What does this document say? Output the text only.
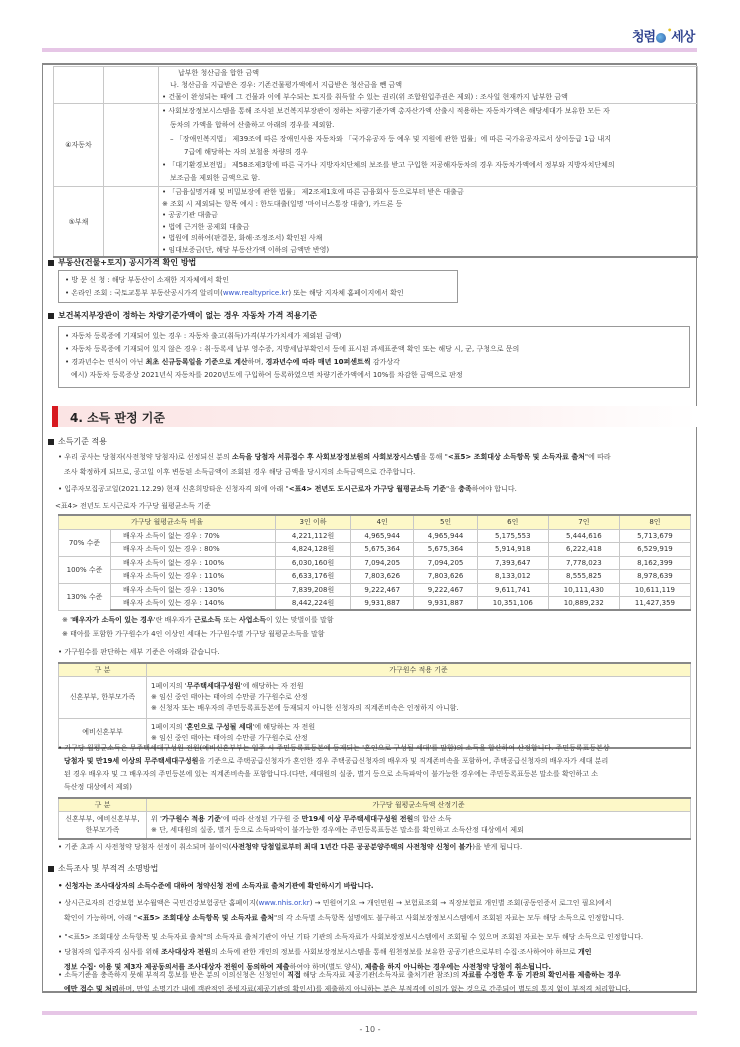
청렴 •세상

		납부한 청산금을 합한 금액
나. 청산금을 지급받은 경우: 기존건물평가액에서 지급받은 청산금을 뺀 금액
• 건물이 완성되는 때에 그 건물과 이에 부수되는 토지를 취득할 수 있는 권리(위 조합원입주권은 제외) : 조사일 현재까지 납부한 금액

④자동차		
• 사회보장정보시스템을 통해 조사된 보건복지부장관이 정하는 차량기준가액 총자산가액 산출시 적용하는 자동차가액은 해당세대가 보유한 모든 자
동차의 가액을 합하여 산출하고 아래의 경우를 제외함.
– 「장애인복지법」 제39조에 따른 장애인사용 자동차와 「국가유공자 등 예우 및 지원에 관한 법률」에 따른 국가유공자로서 상이등급 1급 내지
7급에 해당하는 자의 보철용 차량의 경우
• 「대기환경보전법」 제58조제3항에 따른 국가나 지방자치단체의 보조를 받고 구입한 저공해자동차의 경우 자동차가액에서 정부와 지방자치단체의
보조금을 제외한 금액으로 함.

⑤부채		
• 「금융실명거래 및 비밀보장에 관한 법률」 제2조제1호에 따른 금융회사 등으로부터 받은 대출금
※ 조회 시 제외되는 항목 예시 : 한도대출(일명 '마이너스통장 대출'), 카드론 등
• 공공기관 대출금
• 법에 근거한 공제회 대출금
• 법원에 의하여(판결문, 화해·조정조서) 확인된 사채
• 임대보증금(단, 해당 부동산가액 이하의 금액만 반영)
부동산(건물+토지) 공시가격 확인 방법
• 방 문 신 청 : 해당 부동산이 소재한 지자체에서 확인
• 온라인 조회 : 국토교통부 부동산공시가격 알리미(www.realtyprice.kr) 또는 해당 지자체 홈페이지에서 확인
보건복지부장관이 정하는 차량기준가액이 없는 경우 자동차 가격 적용기준
• 자동차 등록증에 기재되어 있는 경우 : 자동차 출고(취득)가격(부가가치세가 제외된 금액)
• 자동차 등록증에 기재되어 있지 않은 경우 : 취·등록세 납부 영수증, 지방세납부확인서 등에 표시된 과세표준액 확인 또는 해당 시, 군, 구청으로 문의
• 경과년수는 연식이 아닌 최초 신규등록일을 기준으로 계산하며, 경과년수에 따라 매년 10퍼센트씩 감가상각
예시) 자동차 등록증상 2021년식 자동차를 2020년도에 구입하여 등록하였으면 차량기준가액에서 10%를 차감한 금액으로 판정
4. 소득 판정 기준
소득기준 적용
• 우리 공사는 당첨자(사전청약 당첨자)로 선정되신 분의 소득을 당첨자 서류접수 후 사회보장정보원의 사회보장시스템을 통해 "<표5> 조회대상 소득항목 및 소득자료 출처"에 따라
조사 확정하게 되므로, 공고일 이후 변동된 소득금액이 조회된 경우 해당 금액을 당시지의 소득금액으로 간주합니다.
• 입주자모집공고일(2021.12.29) 현재 신혼희망타운 신청자격 외에 아래 "<표4> 전년도 도시근로자 가구당 월평균소득 기준"을 충족하여야 합니다.
<표4> 전년도 도시근로자 가구당 월평균소득 기준
가구당 월평균소득 비율		3인 이하	4인	5인	6인	7인	8인
70% 수준	배우자 소득이 없는 경우 : 70%	4,221,112원	4,965,944	4,965,944	5,175,553	5,444,616	5,713,679
	배우자 소득이 있는 경우 : 80%	4,824,128원	5,675,364	5,675,364	5,914,918	6,222,418	6,529,919
100% 수준	배우자 소득이 없는 경우 : 100%	6,030,160원	7,094,205	7,094,205	7,393,647	7,778,023	8,162,399
	배우자 소득이 있는 경우 : 110%	6,633,176원	7,803,626	7,803,626	8,133,012	8,555,825	8,978,639
130% 수준	배우자 소득이 없는 경우 : 130%	7,839,208원	9,222,467	9,222,467	9,611,741	10,111,430	10,611,119
	배우자 소득이 있는 경우 : 140%	8,442,224원	9,931,887	9,931,887	10,351,106	10,889,232	11,427,359
※ '배우자가 소득이 있는 경우'란 배우자가 근로소득 또는 사업소득이 있는 맞벌이를 말함
※ 태아를 포함한 가구원수가 4인 이상인 세대는 가구원수별 가구당 월평균소득을 말함
• 가구원수를 판단하는 세부 기준은 아래와 같습니다.
구 분	가구원수 적용 기준
신혼부부, 한부모가족	1페이지의 '무주택세대구성원'에 해당하는 자 전원
※ 임신 중인 태아는 태아의 수만큼 가구원수로 산정
※ 신청자 또는 배우자의 주민등록표등본에 등재되지 아니한 신청자의 직계존비속은 인정하지 아니함.

예비신혼부부	1페이지의 '혼인으로 구성될 세대'에 해당하는 자 전원
※ 임신 중인 태아는 태아의 수만큼 가구원수로 산정
• 가구당 월평균소득은 무주택세대구성원 전원(예비신혼부부는 입주 시 주민등록표등본에 등재되는 '혼인으로 구성될 세대'를 말함)의 소득을 합산하여 산정합니다. 주민등록표등본상
당첨자 및 만19세 이상의 무주택세대구성원을 기준으로 주택공급신청자가 혼인한 경우 주택공급신청자의 배우자 및 직계존비속을 포함하여, 주택공급신청자의 배우자가 세대 분리
된 경우 배우자 및 그 배우자의 주민등본에 있는 직계존비속을 포함합니다.(다만, 세대원의 실종, 별거 등으로 소득파악이 불가능한 경우에는 주민등록표등본 말소를 확인하고 소
득산정 대상에서 제외)
구 분	가구당 월평균소득액 산정기준

신혼부부, 예비신혼부부,
한부모가족

위 '가구원수 적용 기준'에 따라 산정된 가구원 중 만19세 이상 무주택세대구성원 전원의 합산 소득
※ 단, 세대원의 실종, 별거 등으로 소득파악이 불가능한 경우에는 주민등록표등본 말소를 확인하고 소득산정 대상에서 제외
• 기준 초과 시 사전청약 당첨자 선정이 취소되며 불이익(사전청약 당첨일로부터 최대 1년간 다른 공공분양주택의 사전청약 신청이 불가)을 받게 됩니다.
소득조사 및 부적격 소명방법
• 신청자는 조사대상자의 소득수준에 대하여 청약신청 전에 소득자료 출처기관에 확인하시기 바랍니다.
• 상시근로자의 건강보험 보수월액은 국민건강보험공단 홈페이지(www.nhis.or.kr) → 민원여기요 → 개인민원 → 보험료조회 → 직장보험료 개인별 조회(공동인증서 로그인 필요)에서
확인이 가능하며, 아래 "<표5> 조회대상 소득항목 및 소득자료 출처"의 각 소득별 소득항목 설명에도 불구하고 사회보장정보시스템에서 조회된 자료는 모두 해당 소득으로 인정합니다.
• "<표5> 조회대상 소득항목 및 소득자료 출처"의 소득자료 출처기관이 아닌 기타 기관의 소득자료가 사회보장정보시스템에서 조회될 수 있으며 조회된 자료는 모두 해당 소득으로 인정합니다.
• 당첨자의 입주자격 심사를 위해 조사대상자 전원의 소득에 관한 개인의 정보를 사회보장정보시스템을 통해 원천정보를 보유한 공공기관으로부터 수집·조사하여야 하므로 개인
정보 수집· 이용 및 제3자 제공동의서를 조사대상자 전원이 동의하여 제출하여야 하며(별도 양식), 제출을 하지 아니하는 경우에는 사전청약 당첨이 취소됩니다.
• 소득기준을 충족하지 못해 부적격 통보를 받은 분의 이의신청은 신청인이 직접 해당 소득자료 제공기관(소득자료 출처기관 참조)의 자료를 수정한 후 동 기관의 확인서를 제출하는 경우
에만 접수 및 처리하며, 만일 소명기간 내에 객관적인 증빙자료(제공기관의 확인서)를 제출하지 아니하는 분은 부적격에 이의가 없는 것으로 간주되어 별도의 통지 없이 부적격 처리합니다.
- 10 -
